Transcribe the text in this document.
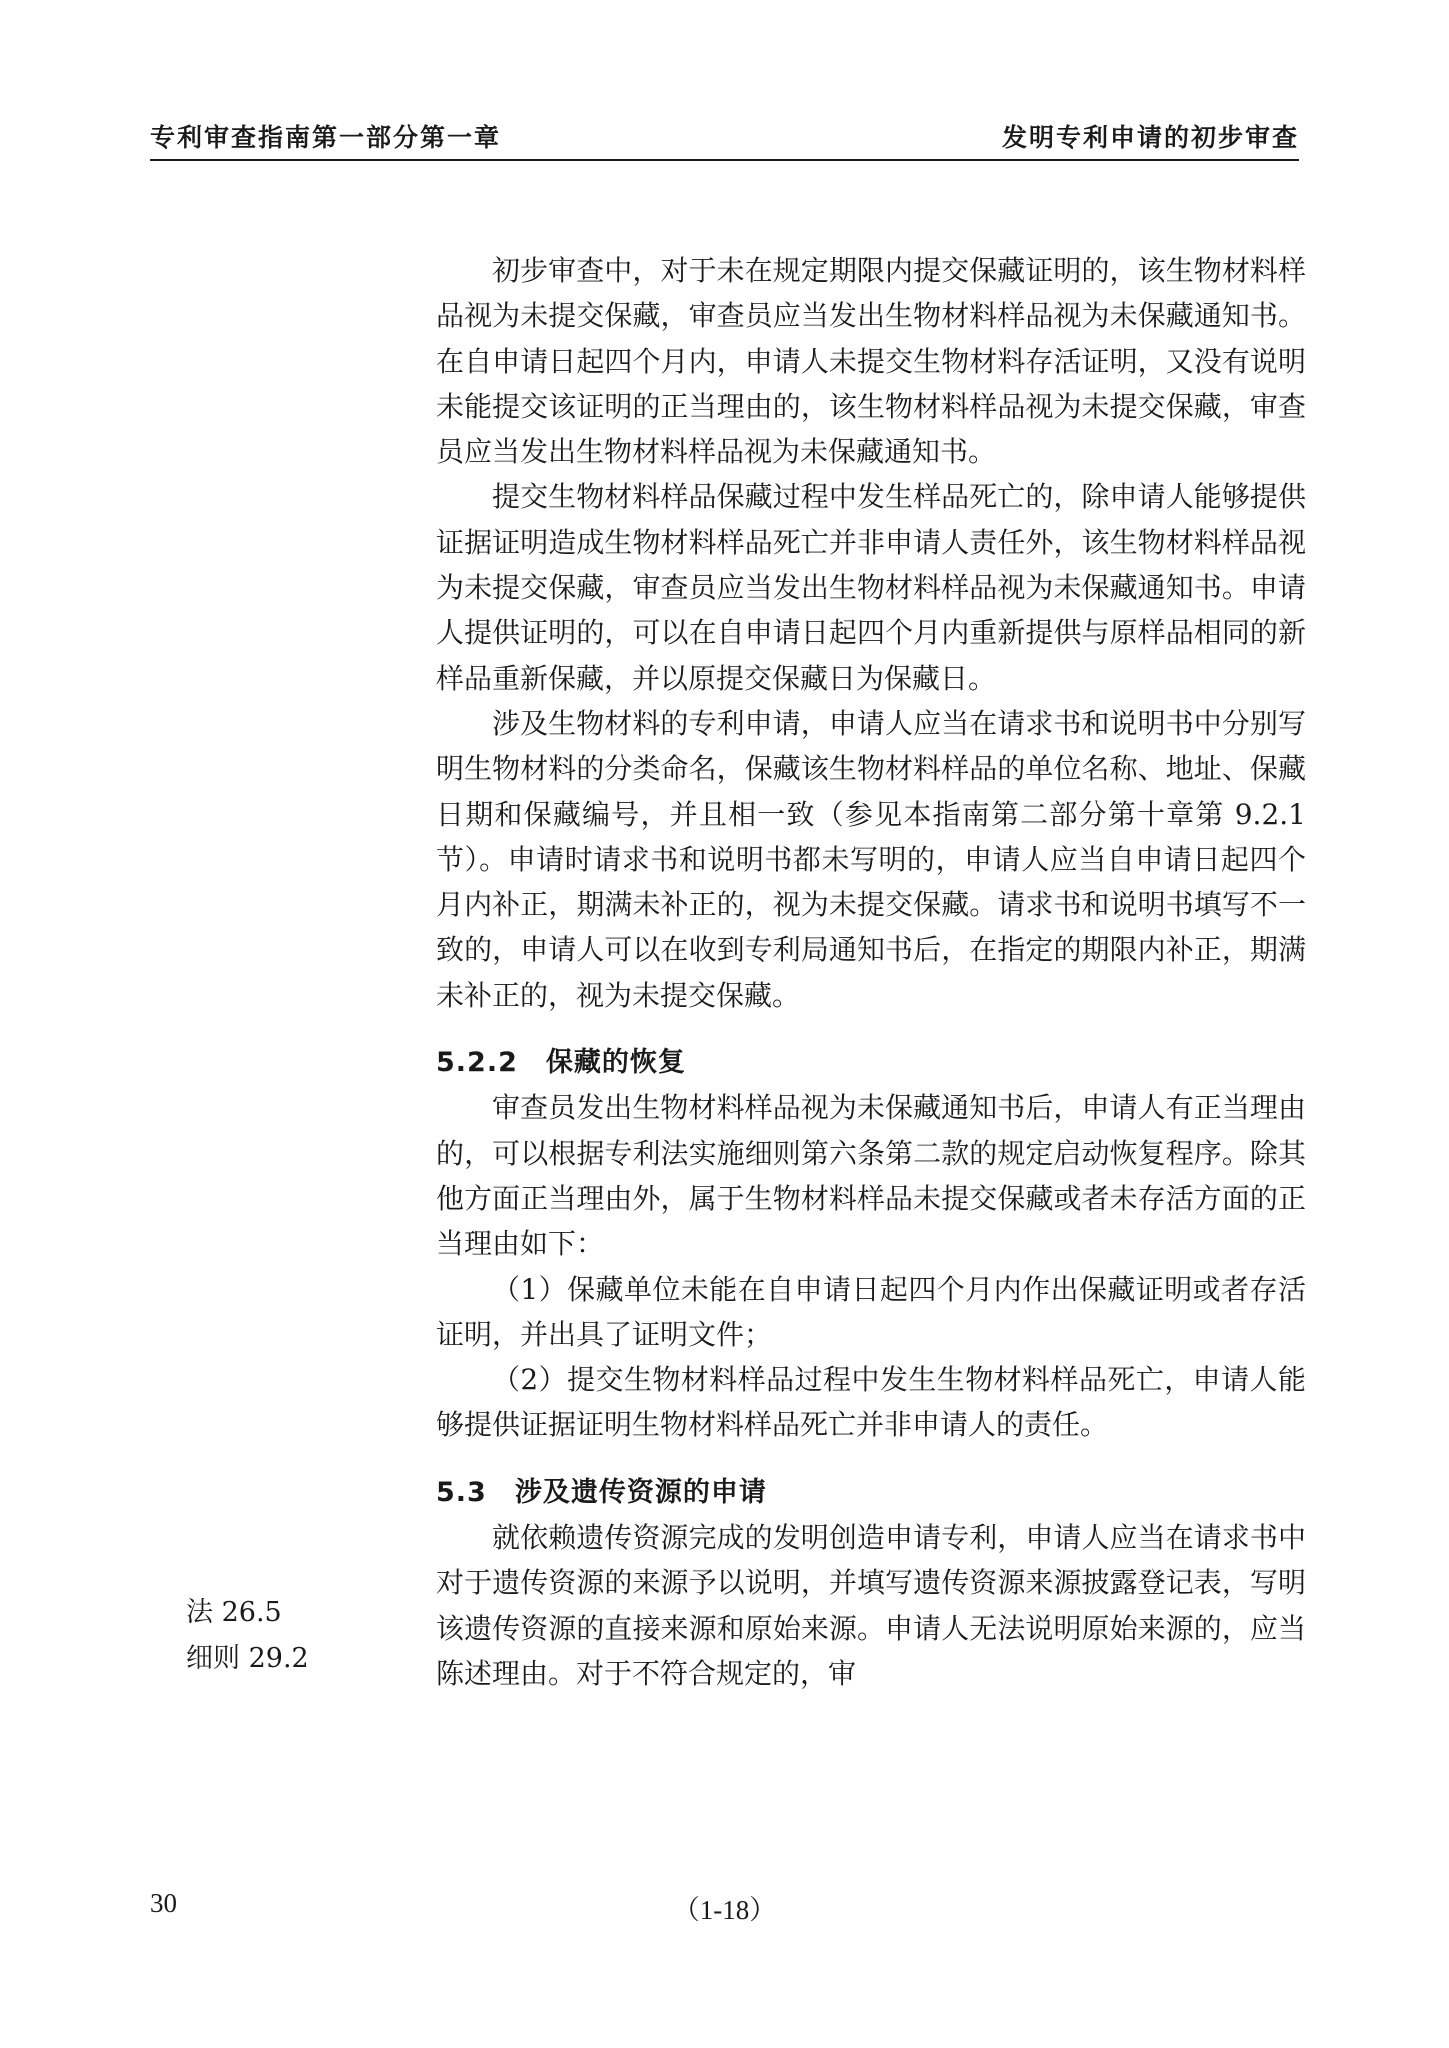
专利审查指南第一部分第一章	发明专利申请的初步审查

初步审查中，对于未在规定期限内提交保藏证明的，该生物材料样品视为未提交保藏，审查员应当发出生物材料样品视为未保藏通知书。在自申请日起四个月内，申请人未提交生物材料存活证明，又没有说明未能提交该证明的正当理由的，该生物材料样品视为未提交保藏，审查员应当发出生物材料样品视为未保藏通知书。

提交生物材料样品保藏过程中发生样品死亡的，除申请人能够提供证据证明造成生物材料样品死亡并非申请人责任外，该生物材料样品视为未提交保藏，审查员应当发出生物材料样品视为未保藏通知书。申请人提供证明的，可以在自申请日起四个月内重新提供与原样品相同的新样品重新保藏，并以原提交保藏日为保藏日。

涉及生物材料的专利申请，申请人应当在请求书和说明书中分别写明生物材料的分类命名，保藏该生物材料样品的单位名称、地址、保藏日期和保藏编号，并且相一致（参见本指南第二部分第十章第 9.2.1 节）。申请时请求书和说明书都未写明的，申请人应当自申请日起四个月内补正，期满未补正的，视为未提交保藏。请求书和说明书填写不一致的，申请人可以在收到专利局通知书后，在指定的期限内补正，期满未补正的，视为未提交保藏。

5.2.2　保藏的恢复

审查员发出生物材料样品视为未保藏通知书后，申请人有正当理由的，可以根据专利法实施细则第六条第二款的规定启动恢复程序。除其他方面正当理由外，属于生物材料样品未提交保藏或者未存活方面的正当理由如下：

（1）保藏单位未能在自申请日起四个月内作出保藏证明或者存活证明，并出具了证明文件；

（2）提交生物材料样品过程中发生生物材料样品死亡，申请人能够提供证据证明生物材料样品死亡并非申请人的责任。

5.3　涉及遗传资源的申请

就依赖遗传资源完成的发明创造申请专利，申请人应当在请求书中对于遗传资源的来源予以说明，并填写遗传资源来源披露登记表，写明该遗传资源的直接来源和原始来源。申请人无法说明原始来源的，应当陈述理由。对于不符合规定的，审

法 26.5
细则 29.2
30	（1-18）
